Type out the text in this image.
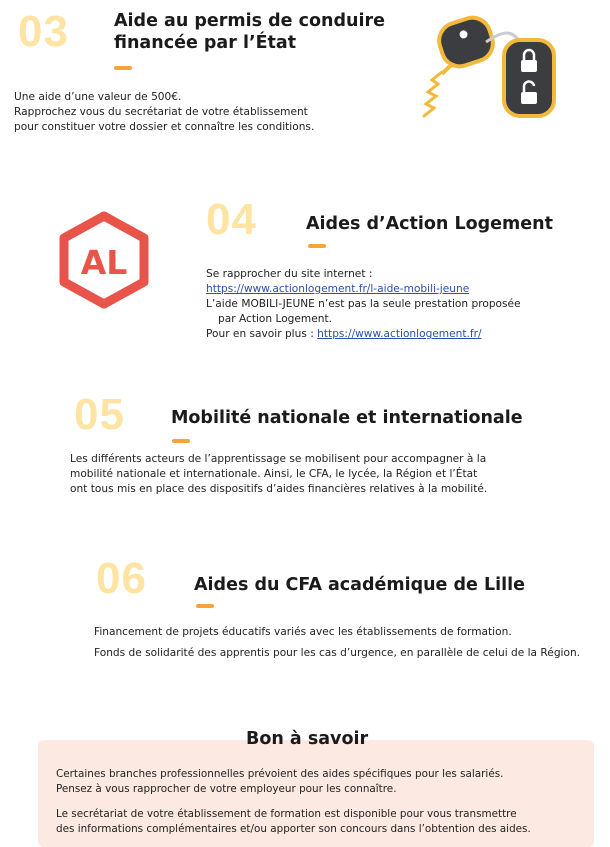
03	Aide au permis de conduire
financée par l’État

Une aide d’une valeur de 500€.

Rapprochez vous du secrétariat de votre établissement

pour constituer votre dossier et connaître les conditions.

AL
04	Aides d’Action Logement

Se rapprocher du site internet :

https://www.actionlogement.fr/l-aide-mobili-jeune

L’aide MOBILI-JEUNE n’est pas la seule prestation proposée

par Action Logement.

Pour en savoir plus : https://www.actionlogement.fr/

05	Mobilité nationale et internationale

Les différents acteurs de l’apprentissage se mobilisent pour accompagner à la

mobilité nationale et internationale. Ainsi, le CFA, le lycée, la Région et l’État

ont tous mis en place des dispositifs d’aides financières relatives à la mobilité.

06	Aides du CFA académique de Lille

Financement de projets éducatifs variés avec les établissements de formation.

Fonds de solidarité des apprentis pour les cas d’urgence, en parallèle de celui de la Région.

Bon à savoir

Certaines branches professionnelles prévoient des aides spécifiques pour les salariés.

Pensez à vous rapprocher de votre employeur pour les connaître.

Le secrétariat de votre établissement de formation est disponible pour vous transmettre

des informations complémentaires et/ou apporter son concours dans l’obtention des aides.
